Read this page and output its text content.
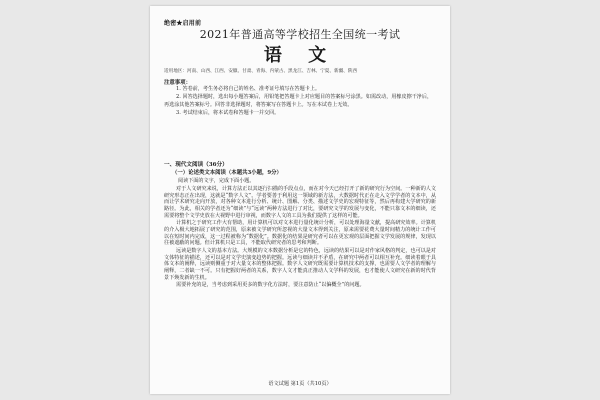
绝密★启用前
2021年普通高等学校招生全国统一考试
语 文
适用地区：河南、山西、江西、安徽、甘肃、青海、内蒙古、黑龙江、吉林、宁夏、新疆、陕西
注意事项：

1. 答卷前，考生务必将自己的姓名、准考证号填写在答题卡上。

2. 回答选择题时，选出每小题答案后，用铅笔把答题卡上对应题目的答案标号涂黑。如需改动，用橡皮擦干净后，再选涂其他答案标号。回答非选择题时，将答案写在答题卡上。写在本试卷上无效。

3. 考试结束后，将本试卷和答题卡一并交回。

一、现代文阅读（36分）
（一）论述类文本阅读（本题共3小题，9分）
阅读下面的文字，完成下面小题。

对于人文研究来说，计算方法正以其逐行扫描的手段点点，而在对今天已经打开了新的研究行为空间。一种新的人文研究形态正在出现，这就是“数字人文”。学者要善于利用这一领域的新方法，大数据时代正在走入文学学者的文本中，从而让学术研究走向开放，对各种文本进行分析、统计、图解、分类、描述文学史的宏观特征等，然后再构建大学研究的新路径。为此，相关的学者还为“细读”与“远读”两种方法进行了对比，要研究文学的发展与变化，不能只靠文本的细读，还需要将整个文学史放在大视野中进行审视，而数字人文的工具为我们提供了这样的可能。

计算机之于研究工作大有帮助，用计算机可以对文本进行量化统计分析，可以处理海量文献，提高研究效率。计算机的介入极大地拓展了研究的范围，原来被文学研究所忽视的大量文本得到关注，原来需要花费大量时间精力的统计工作可以在短时间内完成，这一过程被称为“数据化”。数据化的结果是研究者可以在更宏观的层面把握文学发展的规律，发现以往被遮蔽的问题。但计算机只是工具，不能取代研究者的思考和判断。

远读是数字人文的基本方法。大规模的文本数据分析是它的特色，远读的结果可以是对作家风格的判定，也可以是对文体特征的描述，还可以是对文学史演变趋势的把握。远读与细读并不矛盾，在研究中两者可以相互补充。细读着眼于具体文本的阐释，远读则侧重于对大量文本的整体把握。数字人文研究既需要计算机技术的支撑，也需要人文学者的理解与阐释，二者缺一不可。只有把握好两者的关系，数字人文才能真正推动人文学科的发展，也才能使人文研究在新的时代背景下焕发新的生机。

需要补充的是，当考虑到采用更多的数字化方法时，要注意防止“以偏概全”的问题。

语文试题 第1页（共10页）
